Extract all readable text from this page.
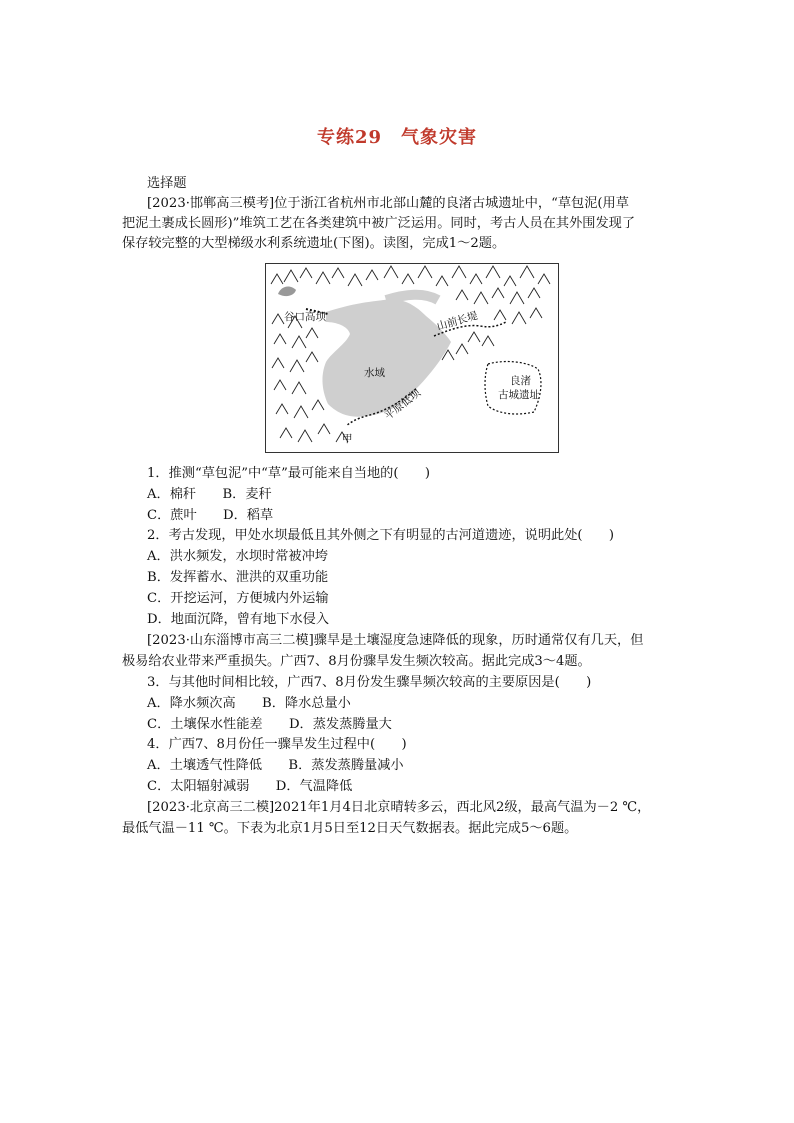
专练29　气象灾害
选择题
[2023·邯郸高三模考]位于浙江省杭州市北部山麓的良渚古城遗址中，“草包泥(用草
把泥土裹成长圆形)”堆筑工艺在各类建筑中被广泛运用。同时，考古人员在其外围发现了
保存较完整的大型梯级水利系统遗址(下图)。读图，完成1～2题。
谷口高坝	山前长堤
水域
平原低坝
良渚
古城遗址
甲
1．推测“草包泥”中“草”最可能来自当地的(　　)
A．棉秆　　B．麦秆
C．蔗叶　　D．稻草
2．考古发现，甲处水坝最低且其外侧之下有明显的古河道遗迹，说明此处(　　)
A．洪水频发，水坝时常被冲垮
B．发挥蓄水、泄洪的双重功能
C．开挖运河，方便城内外运输
D．地面沉降，曾有地下水侵入
[2023·山东淄博市高三二模]骤旱是土壤湿度急速降低的现象，历时通常仅有几天，但
极易给农业带来严重损失。广西7、8月份骤旱发生频次较高。据此完成3～4题。
3．与其他时间相比较，广西7、8月份发生骤旱频次较高的主要原因是(　　)
A．降水频次高　　B．降水总量小
C．土壤保水性能差　　D．蒸发蒸腾量大
4．广西7、8月份任一骤旱发生过程中(　　)
A．土壤透气性降低　　B．蒸发蒸腾量减小
C．太阳辐射减弱　　D．气温降低
[2023·北京高三二模]2021年1月4日北京晴转多云，西北风2级，最高气温为－2 ℃，
最低气温－11 ℃。下表为北京1月5日至12日天气数据表。据此完成5～6题。
